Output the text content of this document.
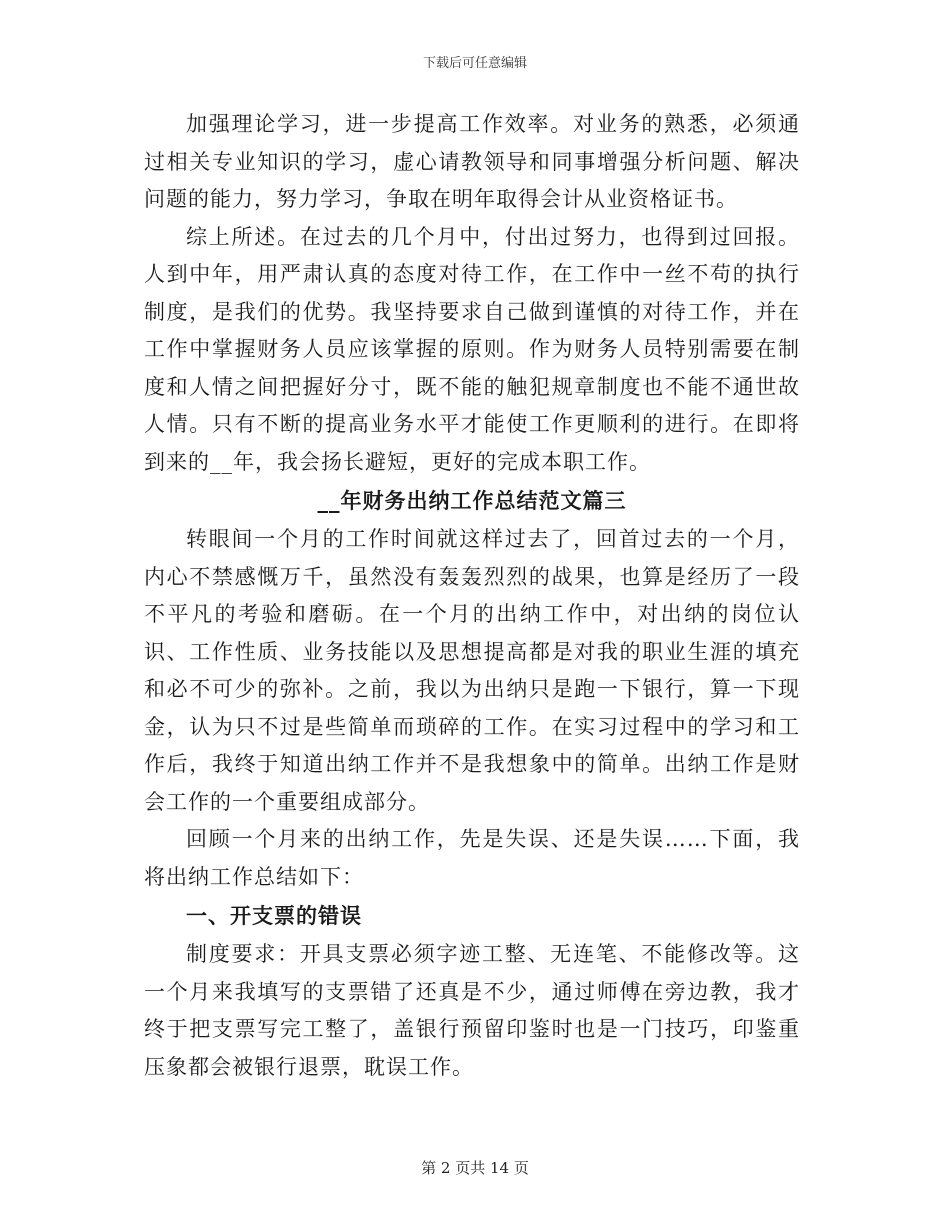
下载后可任意编辑

加强理论学习，进一步提高工作效率。对业务的熟悉，必须通过相关专业知识的学习，虚心请教领导和同事增强分析问题、解决问题的能力，努力学习，争取在明年取得会计从业资格证书。

综上所述。在过去的几个月中，付出过努力，也得到过回报。人到中年，用严肃认真的态度对待工作，在工作中一丝不苟的执行制度，是我们的优势。我坚持要求自己做到谨慎的对待工作，并在工作中掌握财务人员应该掌握的原则。作为财务人员特别需要在制度和人情之间把握好分寸，既不能的触犯规章制度也不能不通世故人情。只有不断的提高业务水平才能使工作更顺利的进行。在即将到来的__年，我会扬长避短，更好的完成本职工作。

__年财务出纳工作总结范文篇三

转眼间一个月的工作时间就这样过去了，回首过去的一个月，内心不禁感慨万千，虽然没有轰轰烈烈的战果，也算是经历了一段不平凡的考验和磨砺。在一个月的出纳工作中，对出纳的岗位认识、工作性质、业务技能以及思想提高都是对我的职业生涯的填充和必不可少的弥补。之前，我以为出纳只是跑一下银行，算一下现金，认为只不过是些简单而琐碎的工作。在实习过程中的学习和工作后，我终于知道出纳工作并不是我想象中的简单。出纳工作是财会工作的一个重要组成部分。

回顾一个月来的出纳工作，先是失误、还是失误……下面，我将出纳工作总结如下：

一、开支票的错误

制度要求：开具支票必须字迹工整、无连笔、不能修改等。这一个月来我填写的支票错了还真是不少，通过师傅在旁边教，我才终于把支票写完工整了，盖银行预留印鉴时也是一门技巧，印鉴重压象都会被银行退票，耽误工作。

第 2 页共 14 页
